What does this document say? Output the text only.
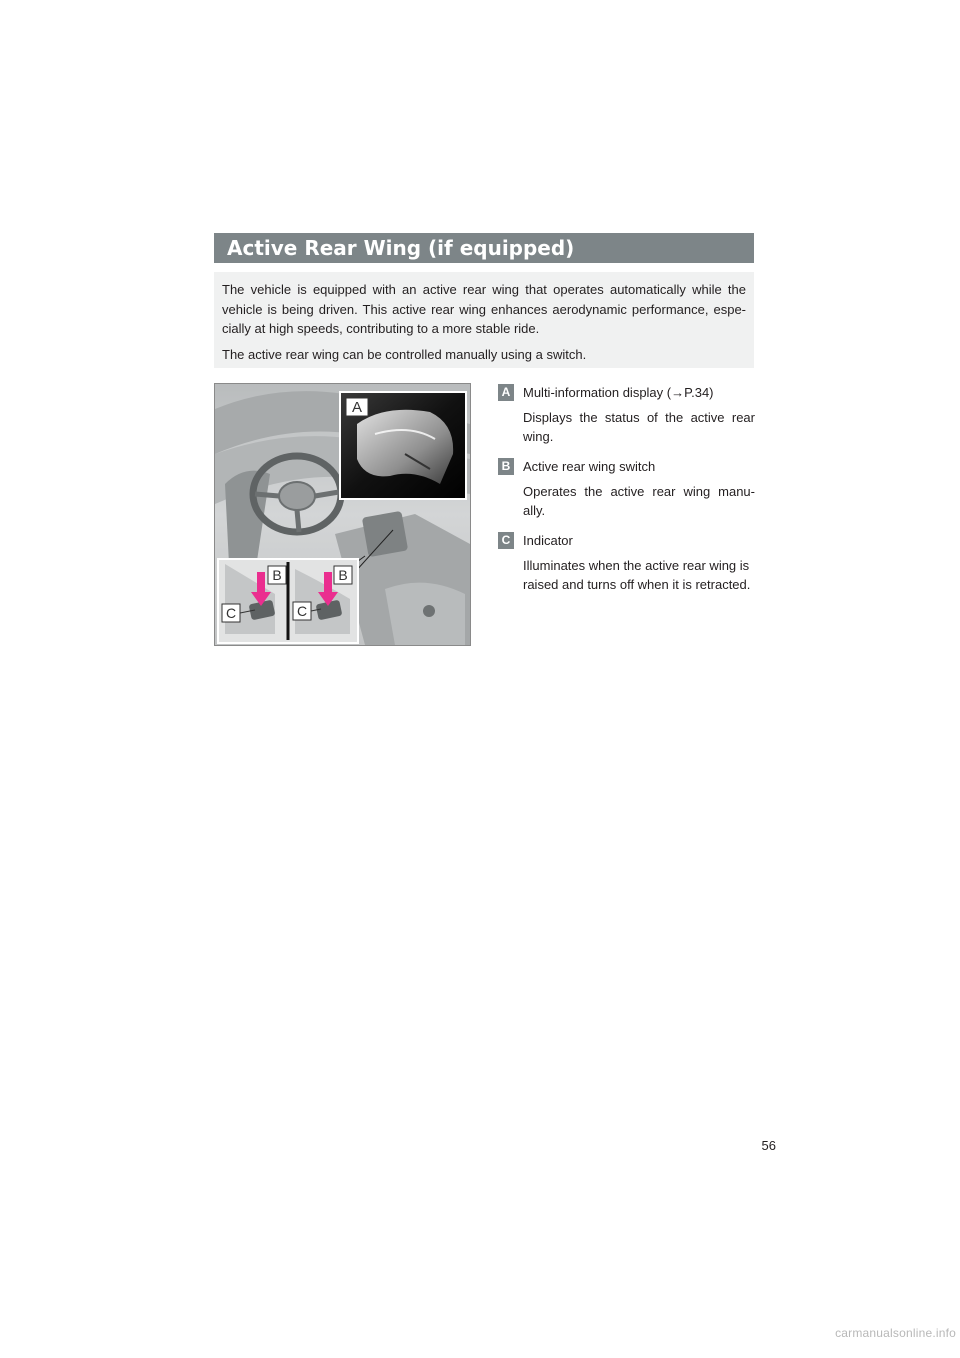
Active Rear Wing (if equipped)

The vehicle is equipped with an active rear wing that operates automatically while the vehicle is being driven. This active rear wing enhances aerodynamic performance, espe- cially at high speeds, contributing to a more stable ride.

The active rear wing can be controlled manually using a switch.

A
B	B
C	C
A Multi-information display (→P.34)
Displays the status of the active rear wing.
B Active rear wing switch
Operates the active rear wing manu- ally.
C Indicator
Illuminates when the active rear wing is raised and turns off when it is retracted.
56
carmanualsonline.info
